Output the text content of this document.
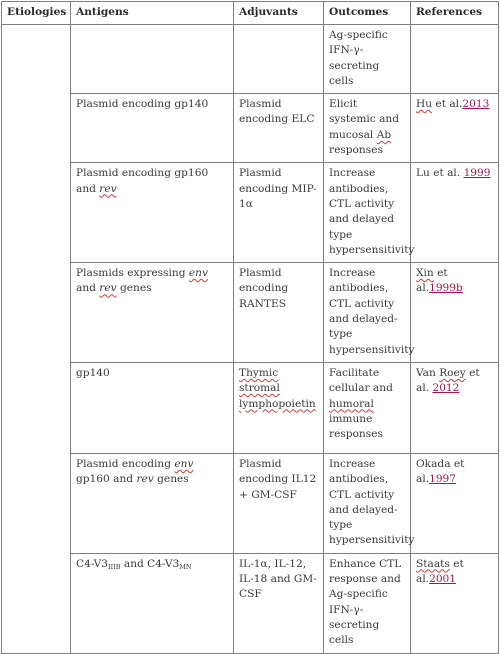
Etiologies	Antigens	Adjuvants	Outcomes	References
			Ag-specific IFN-γ-secreting cells	
	Plasmid encoding gp140	Plasmid encoding ELC	Elicit systemic and mucosal Ab responses	Hu et al.2013
	Plasmid encoding gp160 and rev	Plasmid encoding MIP-1α	Increase antibodies, CTL activity and delayed type hypersensitivity	Lu et al. 1999
	Plasmids expressing env and rev genes	Plasmid encoding RANTES	Increase antibodies, CTL activity and delayed-type hypersensitivity	Xin et al.1999b
	gp140	Thymic stromal lymphopoietin	Facilitate cellular and humoral immune responses	Van Roey et al. 2012
	Plasmid encoding env gp160 and rev genes	Plasmid encoding IL12 + GM-CSF	Increase antibodies, CTL activity and delayed-type hypersensitivity	Okada et al.1997
	$C4-V3_{IIIB}$ and $C4-V3_{MN}$	IL-1α, IL-12, IL-18 and GM-CSF	Enhance CTL response and Ag-specific IFN-γ-secreting cells	Staats et al.2001
